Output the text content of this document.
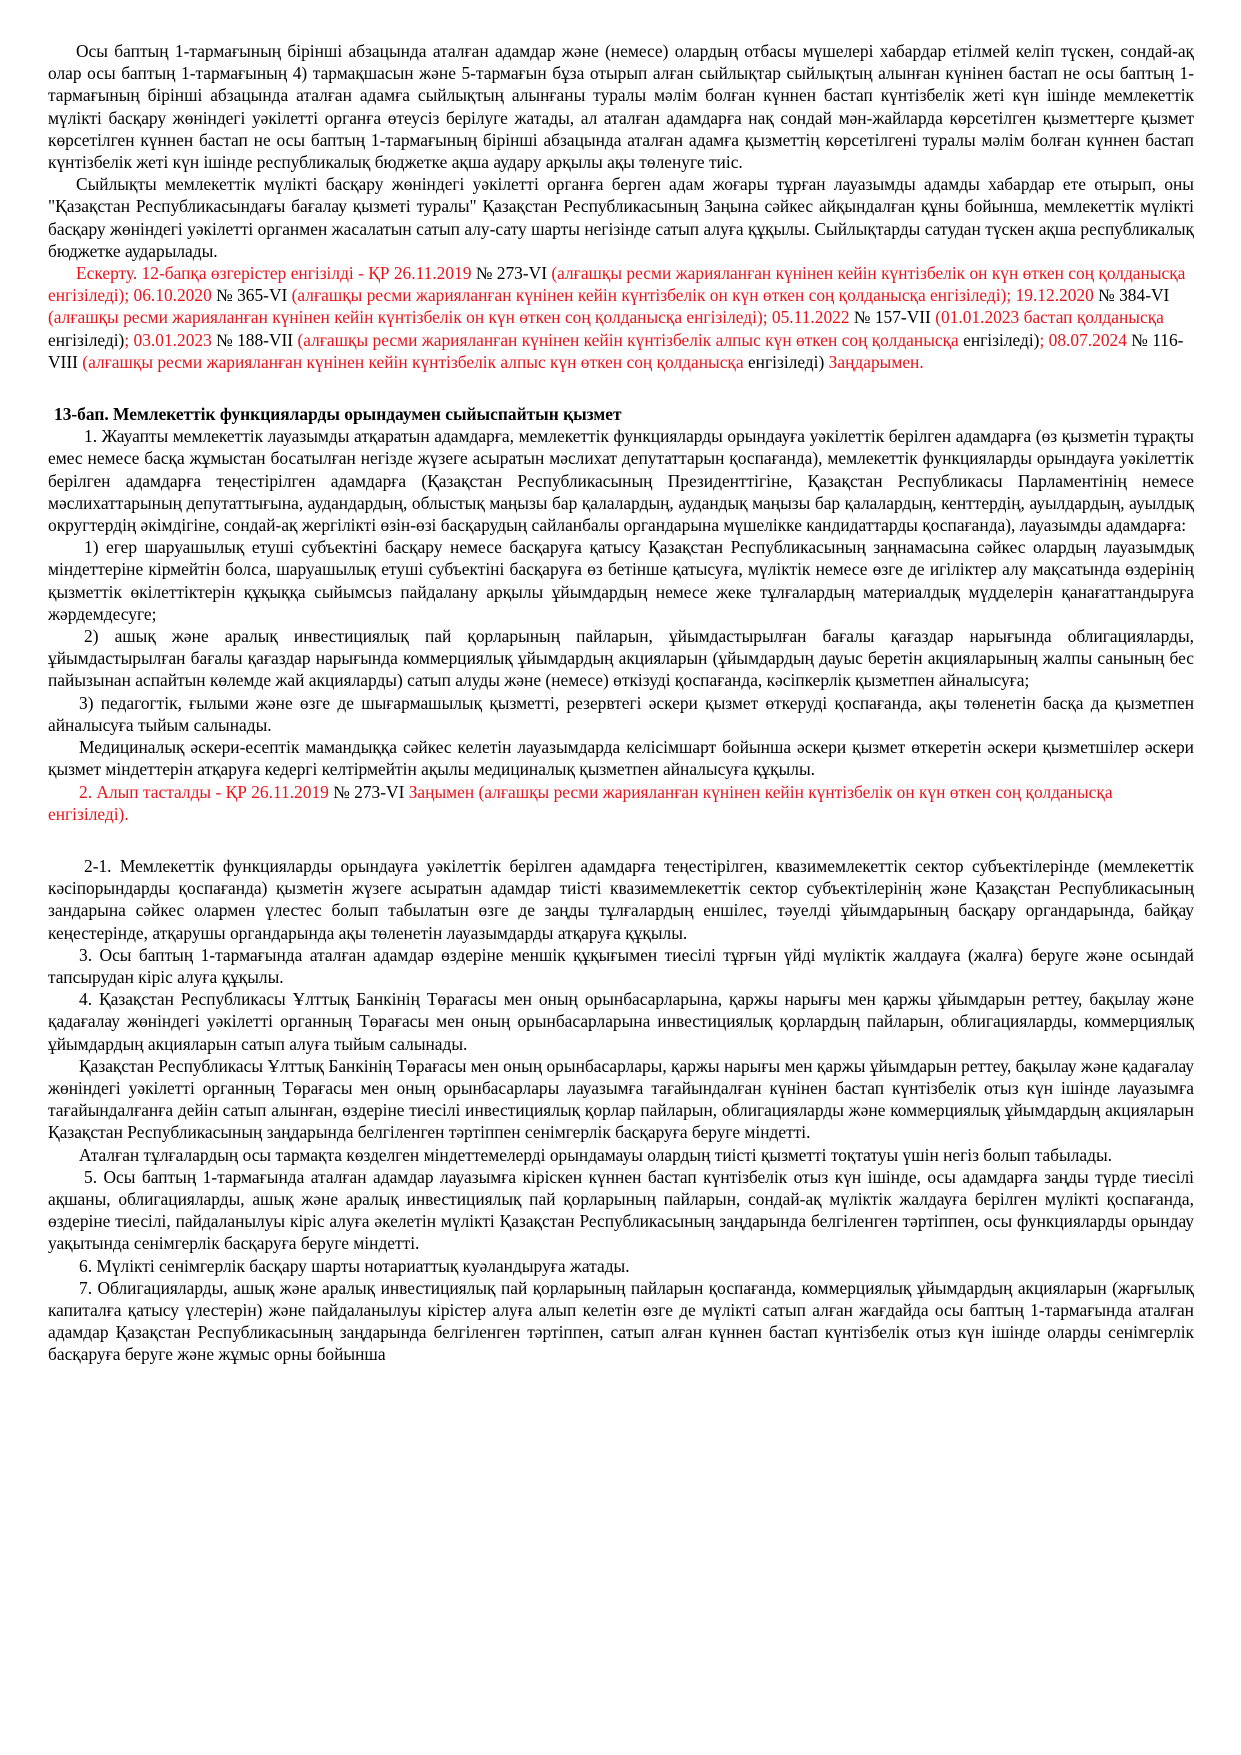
Осы баптың 1-тармағының бірінші абзацында аталған адамдар және (немесе) олардың отбасы мүшелері хабардар етілмей келіп түскен, сондай-ақ олар осы баптың 1-тармағының 4) тармақшасын және 5-тармағын бұза отырып алған сыйлықтар сыйлықтың алынған күнінен бастап не осы баптың 1-тармағының бірінші абзацында аталған адамға сыйлықтың алынғаны туралы мәлім болған күннен бастап күнтізбелік жеті күн ішінде мемлекеттік мүлікті басқару жөніндегі уәкілетті органға өтеусіз берілуге жатады, ал аталған адамдарға нақ сондай мән-жайларда көрсетілген қызметтерге қызмет көрсетілген күннен бастап не осы баптың 1-тармағының бірінші абзацында аталған адамға қызметтің көрсетілгені туралы мәлім болған күннен бастап күнтізбелік жеті күн ішінде республикалық бюджетке ақша аудару арқылы ақы төленуге тиіс.

Сыйлықты мемлекеттік мүлікті басқару жөніндегі уәкілетті органға берген адам жоғары тұрған лауазымды адамды хабардар ете отырып, оны "Қазақстан Республикасындағы бағалау қызметі туралы" Қазақстан Республикасының Заңына сәйкес айқындалған құны бойынша, мемлекеттік мүлікті басқару жөніндегі уәкілетті органмен жасалатын сатып алу-сату шарты негізінде сатып алуға құқылы. Сыйлықтарды сатудан түскен ақша республикалық бюджетке аударылады.

Ескерту. 12-бапқа өзгерістер енгізілді - ҚР 26.11.2019 № 273-VI (алғашқы ресми жарияланған күнінен кейін күнтізбелік он күн өткен соң қолданысқа енгізіледі); 06.10.2020 № 365-VI (алғашқы ресми жарияланған күнінен кейін күнтізбелік он күн өткен соң қолданысқа енгізіледі); 19.12.2020 № 384-VI (алғашқы ресми жарияланған күнінен кейін күнтізбелік он күн өткен соң қолданысқа енгізіледі); 05.11.2022 № 157-VII (01.01.2023 бастап қолданысқа енгізіледі); 03.01.2023 № 188-VII (алғашқы ресми жарияланған күнінен кейін күнтізбелік алпыс күн өткен соң қолданысқа енгізіледі); 08.07.2024 № 116-VIII (алғашқы ресми жарияланған күнінен кейін күнтізбелік алпыс күн өткен соң қолданысқа енгізіледі) Заңдарымен.

13-бап. Мемлекеттік функцияларды орындаумен сыйыспайтын қызмет

1. Жауапты мемлекеттік лауазымды атқаратын адамдарға, мемлекеттік функцияларды орындауға уәкілеттік берілген адамдарға (өз қызметін тұрақты емес немесе басқа жұмыстан босатылған негізде жүзеге асыратын мәслихат депутаттарын қоспағанда), мемлекеттік функцияларды орындауға уәкілеттік берілген адамдарға теңестірілген адамдарға (Қазақстан Республикасының Президенттігіне, Қазақстан Республикасы Парламентінің немесе мәслихаттарының депутаттығына, аудандардың, облыстық маңызы бар қалалардың, аудандық маңызы бар қалалардың, кенттердің, ауылдардың, ауылдық округтердің әкімдігіне, сондай-ақ жергілікті өзін-өзі басқарудың сайланбалы органдарына мүшелікке кандидаттарды қоспағанда), лауазымды адамдарға:

1) егер шаруашылық етуші субъектіні басқару немесе басқаруға қатысу Қазақстан Республикасының заңнамасына сәйкес олардың лауазымдық міндеттеріне кірмейтін болса, шаруашылық етуші субъектіні басқаруға өз бетінше қатысуға, мүліктік немесе өзге де игіліктер алу мақсатында өздерінің қызметтік өкілеттіктерін құқыққа сыйымсыз пайдалану арқылы ұйымдардың немесе жеке тұлғалардың материалдық мүдделерін қанағаттандыруға жәрдемдесуге;

2) ашық және аралық инвестициялық пай қорларының пайларын, ұйымдастырылған бағалы қағаздар нарығында облигацияларды, ұйымдастырылған бағалы қағаздар нарығында коммерциялық ұйымдардың акцияларын (ұйымдардың дауыс беретін акцияларының жалпы санының бес пайызынан аспайтын көлемде жай акцияларды) сатып алуды және (немесе) өткізуді қоспағанда, кәсіпкерлік қызметпен айналысуға;

3) педагогтік, ғылыми және өзге де шығармашылық қызметті, резервтегі әскери қызмет өткеруді қоспағанда, ақы төленетін басқа да қызметпен айналысуға тыйым салынады.

Медициналық әскери-есептік мамандыққа сәйкес келетін лауазымдарда келісімшарт бойынша әскери қызмет өткеретін әскери қызметшілер әскери қызмет міндеттерін атқаруға кедергі келтірмейтін ақылы медициналық қызметпен айналысуға құқылы.

2. Алып тасталды - ҚР 26.11.2019 № 273-VI Заңымен (алғашқы ресми жарияланған күнінен кейін күнтізбелік он күн өткен соң қолданысқа енгізіледі).

2-1. Мемлекеттік функцияларды орындауға уәкілеттік берілген адамдарға теңестірілген, квазимемлекеттік сектор субъектілерінде (мемлекеттік кәсіпорындарды қоспағанда) қызметін жүзеге асыратын адамдар тиісті квазимемлекеттік сектор субъектілерінің және Қазақстан Республикасының зандарына сәйкес олармен үлестес болып табылатын өзге де заңды тұлғалардың еншілес, тәуелді ұйымдарының басқару органдарында, байқау кеңестерінде, атқарушы органдарында ақы төленетін лауазымдарды атқаруға құқылы.

3. Осы баптың 1-тармағында аталған адамдар өздеріне меншік құқығымен тиесілі тұрғын үйді мүліктік жалдауға (жалға) беруге және осындай тапсырудан кіріс алуға құқылы.

4. Қазақстан Республикасы Ұлттық Банкінің Төрағасы мен оның орынбасарларына, қаржы нарығы мен қаржы ұйымдарын реттеу, бақылау және қадағалау жөніндегі уәкілетті органның Төрағасы мен оның орынбасарларына инвестициялық қорлардың пайларын, облигацияларды, коммерциялық ұйымдардың акцияларын сатып алуға тыйым салынады.

Қазақстан Республикасы Ұлттық Банкінің Төрағасы мен оның орынбасарлары, қаржы нарығы мен қаржы ұйымдарын реттеу, бақылау және қадағалау жөніндегі уәкілетті органның Төрағасы мен оның орынбасарлары лауазымға тағайындалған күнінен бастап күнтізбелік отыз күн ішінде лауазымға тағайындалғанға дейін сатып алынған, өздеріне тиесілі инвестициялық қорлар пайларын, облигацияларды және коммерциялық ұйымдардың акцияларын Қазақстан Республикасының заңдарында белгіленген тәртіппен сенімгерлік басқаруға беруге міндетті.

Аталған тұлғалардың осы тармақта көзделген міндеттемелерді орындамауы олардың тиісті қызметті тоқтатуы үшін негіз болып табылады.

5. Осы баптың 1-тармағында аталған адамдар лауазымға кіріскен күннен бастап күнтізбелік отыз күн ішінде, осы адамдарға заңды түрде тиесілі ақшаны, облигацияларды, ашық және аралық инвестициялық пай қорларының пайларын, сондай-ақ мүліктік жалдауға берілген мүлікті қоспағанда, өздеріне тиесілі, пайдаланылуы кіріс алуға әкелетін мүлікті Қазақстан Республикасының заңдарында белгіленген тәртіппен, осы функцияларды орындау уақытында сенімгерлік басқаруға беруге міндетті.

6. Мүлікті сенімгерлік басқару шарты нотариаттық куәландыруға жатады.

7. Облигацияларды, ашық және аралық инвестициялық пай қорларының пайларын қоспағанда, коммерциялық ұйымдардың акцияларын (жарғылық капиталға қатысу үлестерін) және пайдаланылуы кірістер алуға алып келетін өзге де мүлікті сатып алған жағдайда осы баптың 1-тармағында аталған адамдар Қазақстан Республикасының заңдарында белгіленген тәртіппен, сатып алған күннен бастап күнтізбелік отыз күн ішінде оларды сенімгерлік басқаруға беруге және жұмыс орны бойынша
